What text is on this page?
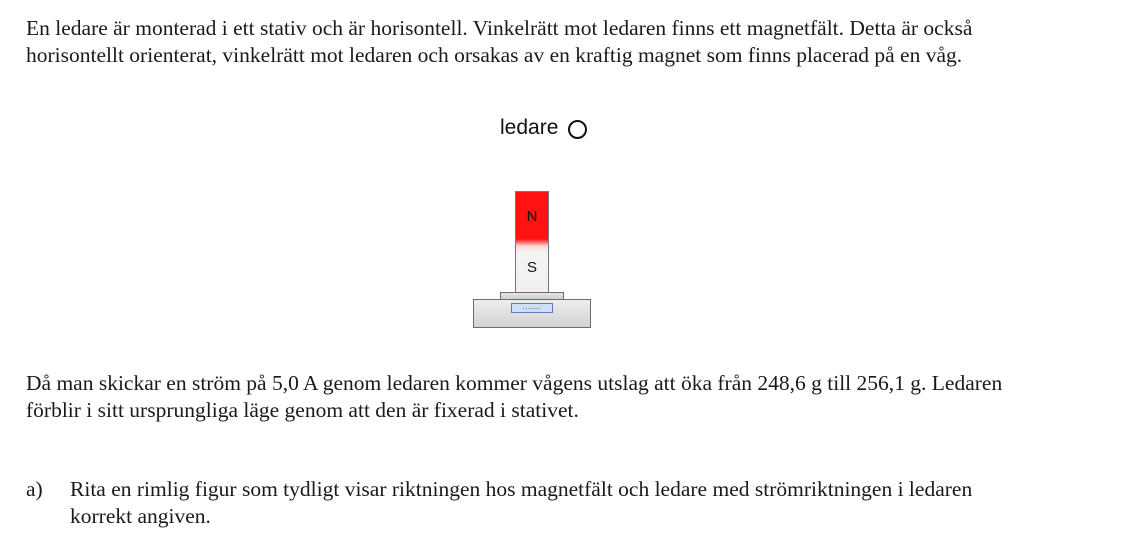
En ledare är monterad i ett stativ och är horisontell. Vinkelrätt mot ledaren finns ett magnetfält. Detta är också horisontellt orienterat, vinkelrätt mot ledaren och orsakas av en kraftig magnet som finns placerad på en våg.

ledare
N
S
.......

Då man skickar en ström på 5,0 A genom ledaren kommer vågens utslag att öka från 248,6 g till 256,1 g. Ledaren förblir i sitt ursprungliga läge genom att den är fixerad i stativet.

a) Rita en rimlig figur som tydligt visar riktningen hos magnetfält och ledare med strömriktningen i ledaren korrekt angiven.
